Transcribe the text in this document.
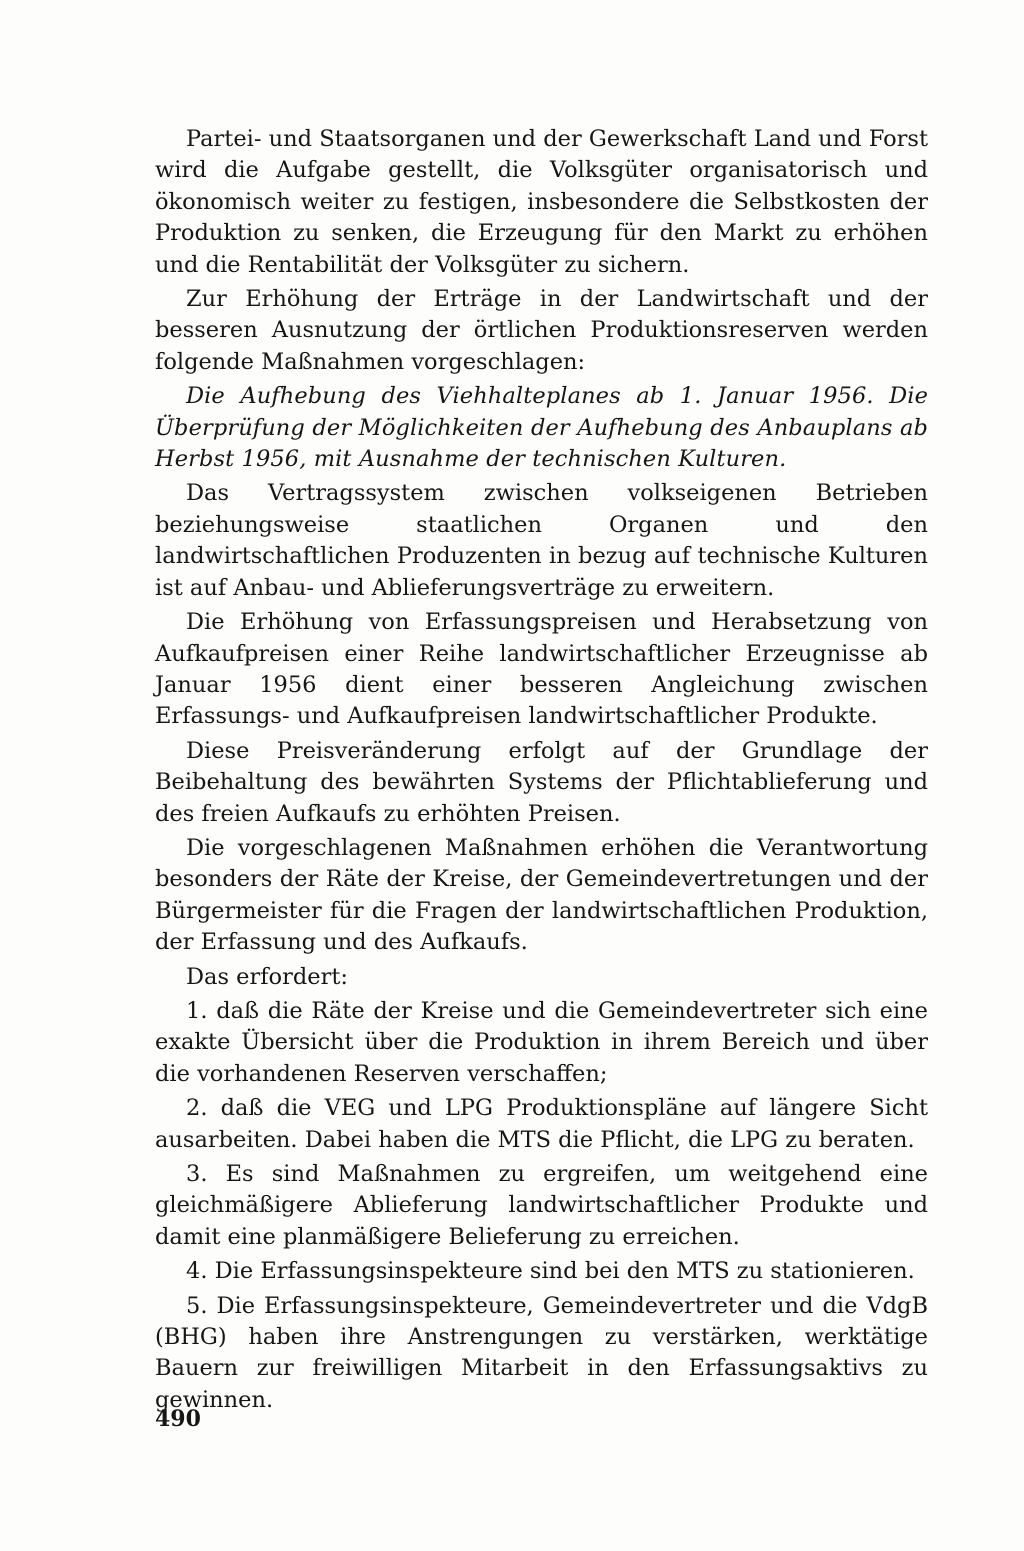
Partei- und Staatsorganen und der Gewerkschaft Land und Forst wird die Aufgabe gestellt, die Volksgüter organisatorisch und ökonomisch weiter zu festigen, insbesondere die Selbstkosten der Produktion zu senken, die Erzeugung für den Markt zu erhöhen und die Rentabilität der Volksgüter zu sichern.

Zur Erhöhung der Erträge in der Landwirtschaft und der besseren Ausnutzung der örtlichen Produktionsreserven werden folgende Maßnahmen vorgeschlagen:

Die Aufhebung des Viehhalteplanes ab 1. Januar 1956. Die Überprüfung der Möglichkeiten der Aufhebung des Anbauplans ab Herbst 1956, mit Ausnahme der technischen Kulturen.

Das Vertragssystem zwischen volkseigenen Betrieben beziehungsweise staatlichen Organen und den landwirtschaftlichen Produzenten in bezug auf technische Kulturen ist auf Anbau- und Ablieferungsverträge zu erweitern.

Die Erhöhung von Erfassungspreisen und Herabsetzung von Aufkaufpreisen einer Reihe landwirtschaftlicher Erzeugnisse ab Januar 1956 dient einer besseren Angleichung zwischen Erfassungs- und Aufkaufpreisen landwirtschaftlicher Produkte.

Diese Preisveränderung erfolgt auf der Grundlage der Beibehaltung des bewährten Systems der Pflichtablieferung und des freien Aufkaufs zu erhöhten Preisen.

Die vorgeschlagenen Maßnahmen erhöhen die Verantwortung besonders der Räte der Kreise, der Gemeindevertretungen und der Bürgermeister für die Fragen der landwirtschaftlichen Produktion, der Erfassung und des Aufkaufs.

Das erfordert:

1. daß die Räte der Kreise und die Gemeindevertreter sich eine exakte Übersicht über die Produktion in ihrem Bereich und über die vorhandenen Reserven verschaffen;

2. daß die VEG und LPG Produktionspläne auf längere Sicht ausarbeiten. Dabei haben die MTS die Pflicht, die LPG zu beraten.

3. Es sind Maßnahmen zu ergreifen, um weitgehend eine gleichmäßigere Ablieferung landwirtschaftlicher Produkte und damit eine planmäßigere Belieferung zu erreichen.

4. Die Erfassungsinspekteure sind bei den MTS zu stationieren.

5. Die Erfassungsinspekteure, Gemeindevertreter und die VdgB (BHG) haben ihre Anstrengungen zu verstärken, werktätige Bauern zur freiwilligen Mitarbeit in den Erfassungsaktivs zu gewinnen.

490
